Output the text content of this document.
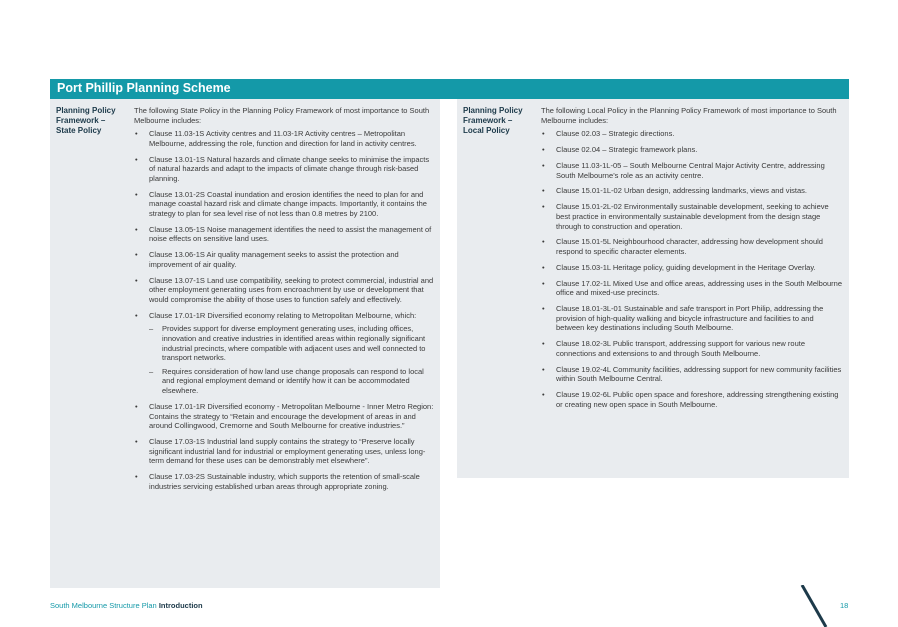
Port Phillip Planning Scheme
Planning Policy Framework – State Policy

The following State Policy in the Planning Policy Framework of most importance to South Melbourne includes:

• Clause 11.03-1S Activity centres and 11.03-1R Activity centres – Metropolitan Melbourne, addressing the role, function and direction for land in activity centres.
• Clause 13.01-1S Natural hazards and climate change seeks to minimise the impacts of natural hazards and adapt to the impacts of climate change through risk-based planning.
• Clause 13.01-2S Coastal inundation and erosion identifies the need to plan for and manage coastal hazard risk and climate change impacts. Importantly, it contains the strategy to plan for sea level rise of not less than 0.8 metres by 2100.
• Clause 13.05-1S Noise management identifies the need to assist the management of noise effects on sensitive land uses.
• Clause 13.06-1S Air quality management seeks to assist the protection and improvement of air quality.
• Clause 13.07-1S Land use compatibility, seeking to protect commercial, industrial and other employment generating uses from encroachment by use or development that would compromise the ability of those uses to function safely and effectively.
• Clause 17.01-1R Diversified economy relating to Metropolitan Melbourne, which:
– Provides support for diverse employment generating uses, including offices, innovation and creative industries in identified areas within regionally significant industrial precincts, where compatible with adjacent uses and well connected to transport networks.
– Requires consideration of how land use change proposals can respond to local and regional employment demand or identify how it can be accommodated elsewhere.
• Clause 17.01-1R Diversified economy - Metropolitan Melbourne - Inner Metro Region: Contains the strategy to “Retain and encourage the development of areas in and around Collingwood, Cremorne and South Melbourne for creative industries.”
• Clause 17.03-1S Industrial land supply contains the strategy to “Preserve locally significant industrial land for industrial or employment generating uses, unless long-term demand for these uses can be demonstrably met elsewhere”.
• Clause 17.03-2S Sustainable industry, which supports the retention of small-scale industries servicing established urban areas through appropriate zoning.
Planning Policy Framework – Local Policy

The following Local Policy in the Planning Policy Framework of most importance to South Melbourne includes:

• Clause 02.03 – Strategic directions.
• Clause 02.04 – Strategic framework plans.
• Clause 11.03-1L-05 – South Melbourne Central Major Activity Centre, addressing South Melbourne’s role as an activity centre.
• Clause 15.01-1L-02 Urban design, addressing landmarks, views and vistas.
• Clause 15.01-2L-02 Environmentally sustainable development, seeking to achieve best practice in environmentally sustainable development from the design stage through to construction and operation.
• Clause 15.01-5L Neighbourhood character, addressing how development should respond to specific character elements.
• Clause 15.03-1L Heritage policy, guiding development in the Heritage Overlay.
• Clause 17.02-1L Mixed Use and office areas, addressing uses in the South Melbourne office and mixed-use precincts.
• Clause 18.01-3L-01 Sustainable and safe transport in Port Philip, addressing the provision of high-quality walking and bicycle infrastructure and facilities to and between key destinations including South Melbourne.
• Clause 18.02-3L Public transport, addressing support for various new route connections and extensions to and through South Melbourne.
• Clause 19.02-4L Community facilities, addressing support for new community facilities within South Melbourne Central.
• Clause 19.02-6L Public open space and foreshore, addressing strengthening existing or creating new open space in South Melbourne.
South Melbourne Structure Plan Introduction	18
